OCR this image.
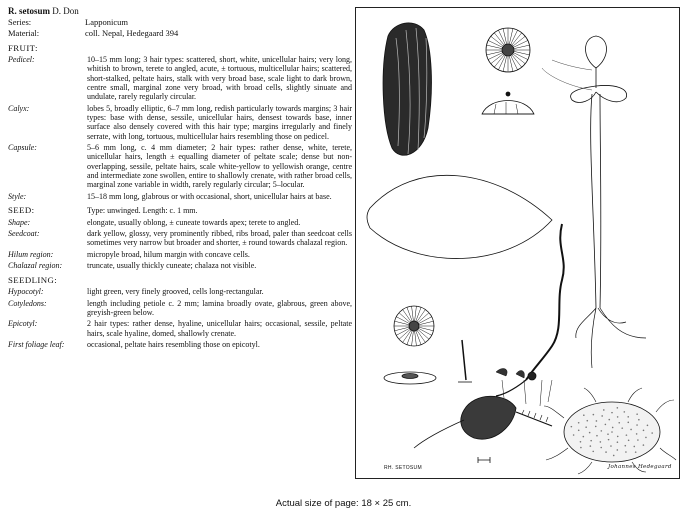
R. setosum D. Don
Series:	Lapponicum
Material:	coll. Nepal, Hedegaard 394
FRUIT:
Pedicel:	10–15 mm long; 3 hair types: scattered, short, white, unicellular hairs; very long, whitish to brown, terete to angled, acute, ± tortuous, multicellular hairs; scattered, short-stalked, peltate hairs, stalk with very broad base, scale light to dark brown, centre small, marginal zone very broad, with broad cells, slightly sinuate and undulate, rarely regularly circular.
Calyx:	lobes 5, broadly elliptic, 6–7 mm long, redish particularly towards margins; 3 hair types: base with dense, sessile, unicellular hairs, densest towards base, inner surface also densely covered with this hair type; margins irregularly and finely serrate, with long, tortuous, multicellular hairs resembling those on pedicel.
Capsule:	5–6 mm long, c. 4 mm diameter; 2 hair types: rather dense, white, terete, unicellular hairs, length ± equalling diameter of peltate scale; dense but non-overlapping, sessile, peltate hairs, scale white-yellow to yellowish orange, centre and intermediate zone swollen, entire to shallowly crenate, with rather broad cells, marginal zone variable in width, rarely regularly circular; 5–locular.
Style:	15–18 mm long, glabrous or with occasional, short, unicellular hairs at base.
SEED:	Type: unwinged. Length: c. 1 mm.
Shape:	elongate, usually oblong, ± cuneate towards apex; terete to angled.
Seedcoat:	dark yellow, glossy, very prominently ribbed, ribs broad, paler than seedcoat cells sometimes very narrow but broader and shorter, ± round towards chalazal region.
Hilum region:	micropyle broad, hilum margin with concave cells.
Chalazal region:	truncate, usually thickly cuneate; chalaza not visible.
SEEDLING:
Hypocotyl:	light green, very finely grooved, cells long-rectangular.
Cotyledons:	length including petiole c. 2 mm; lamina broadly ovate, glabrous, green above, greyish-green below.
Epicotyl:	2 hair types: rather dense, hyaline, unicellular hairs; occasional, sessile, peltate hairs, scale hyaline, domed, shallowly crenate.
First foliage leaf:	occasional, peltate hairs resembling those on epicotyl.
RH. SETOSUM	Johannes Hedegaard
Actual size of page: 18 × 25 cm.
